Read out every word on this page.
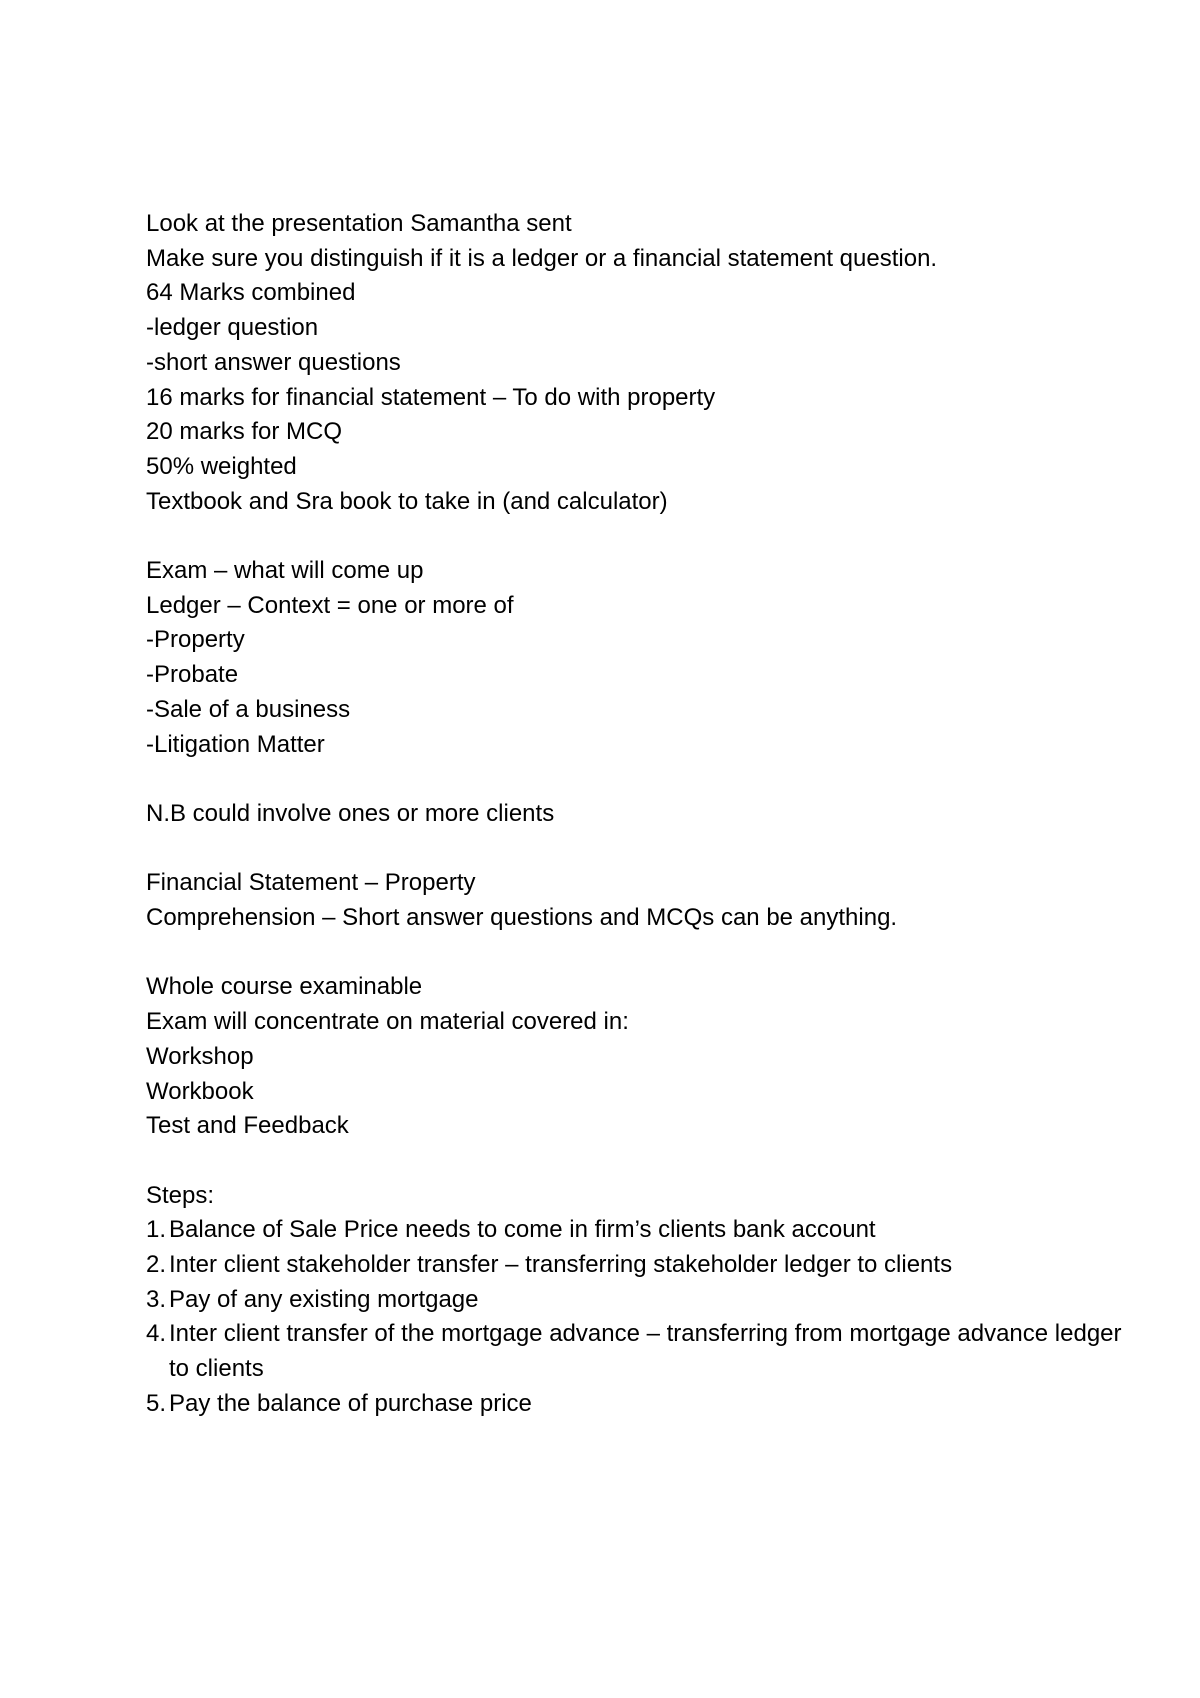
Look at the presentation Samantha sent
Make sure you distinguish if it is a ledger or a financial statement question.
64 Marks combined
-ledger question
-short answer questions
16 marks for financial statement – To do with property
20 marks for MCQ
50% weighted
Textbook and Sra book to take in (and calculator)
Exam – what will come up
Ledger – Context = one or more of
-Property
-Probate
-Sale of a business
-Litigation Matter
N.B could involve ones or more clients
Financial Statement – Property
Comprehension – Short answer questions and MCQs can be anything.
Whole course examinable
Exam will concentrate on material covered in:
Workshop
Workbook
Test and Feedback
Steps:
1. Balance of Sale Price needs to come in firm’s clients bank account
2. Inter client stakeholder transfer – transferring stakeholder ledger to clients
3. Pay of any existing mortgage
4. Inter client transfer of the mortgage advance – transferring from mortgage advance ledger to clients
5. Pay the balance of purchase price
